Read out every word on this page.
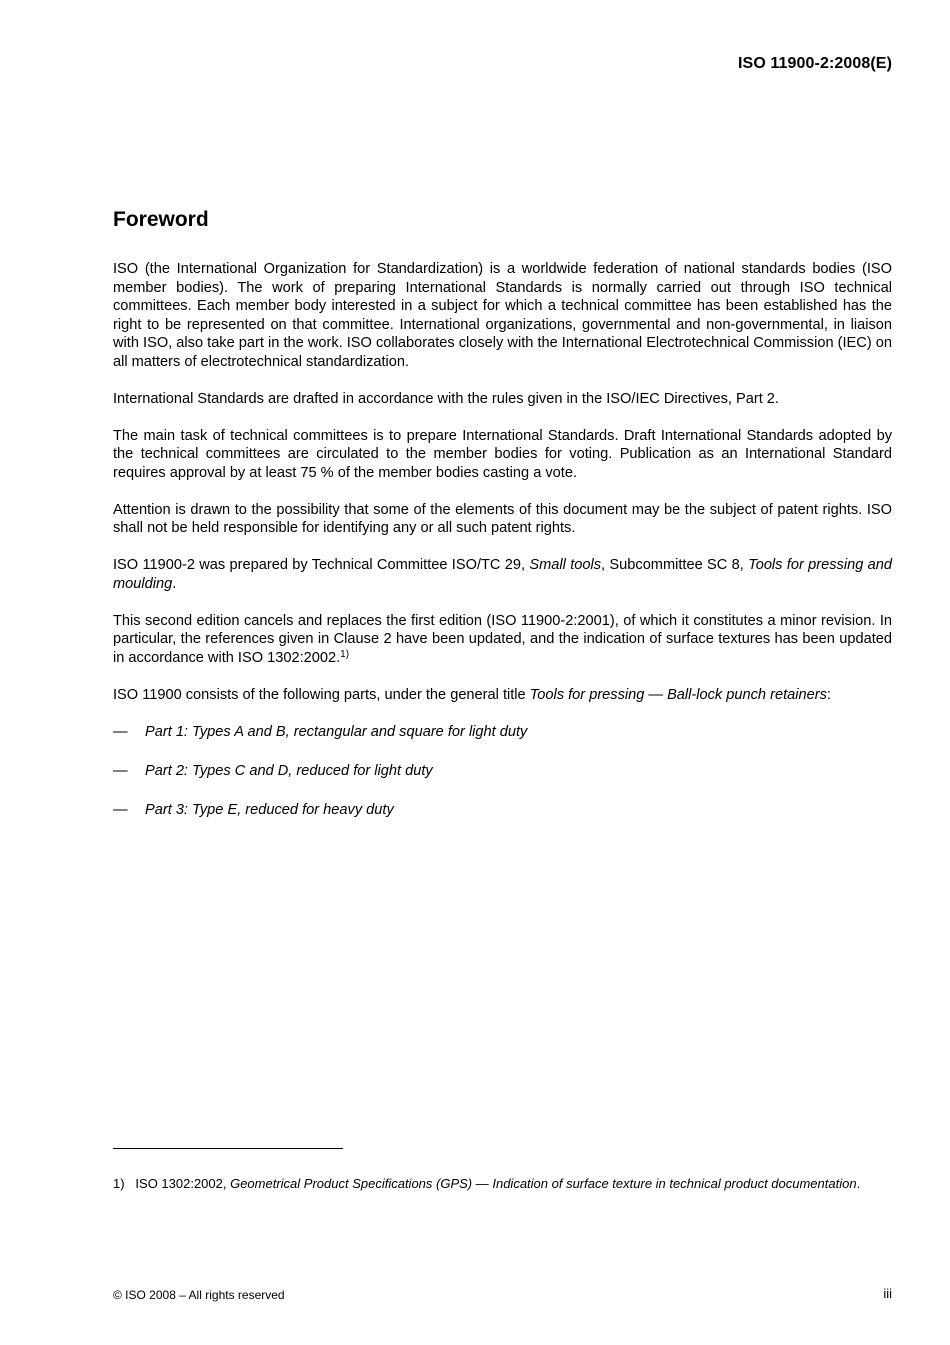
ISO 11900-2:2008(E)
Foreword

ISO (the International Organization for Standardization) is a worldwide federation of national standards bodies (ISO member bodies). The work of preparing International Standards is normally carried out through ISO technical committees. Each member body interested in a subject for which a technical committee has been established has the right to be represented on that committee. International organizations, governmental and non-governmental, in liaison with ISO, also take part in the work. ISO collaborates closely with the International Electrotechnical Commission (IEC) on all matters of electrotechnical standardization.

International Standards are drafted in accordance with the rules given in the ISO/IEC Directives, Part 2.

The main task of technical committees is to prepare International Standards. Draft International Standards adopted by the technical committees are circulated to the member bodies for voting. Publication as an International Standard requires approval by at least 75 % of the member bodies casting a vote.

Attention is drawn to the possibility that some of the elements of this document may be the subject of patent rights. ISO shall not be held responsible for identifying any or all such patent rights.

ISO 11900-2 was prepared by Technical Committee ISO/TC 29, Small tools, Subcommittee SC 8, Tools for pressing and moulding.

This second edition cancels and replaces the first edition (ISO 11900-2:2001), of which it constitutes a minor revision. In particular, the references given in Clause 2 have been updated, and the indication of surface textures has been updated in accordance with ISO 1302:2002.$^{1)}$

ISO 11900 consists of the following parts, under the general title Tools for pressing — Ball-lock punch retainers:

—	Part 1: Types A and B, rectangular and square for light duty
—	Part 2: Types C and D, reduced for light duty
—	Part 3: Type E, reduced for heavy duty
1) ISO 1302:2002, Geometrical Product Specifications (GPS) — Indication of surface texture in technical product documentation.
© ISO 2008 – All rights reserved	iii
